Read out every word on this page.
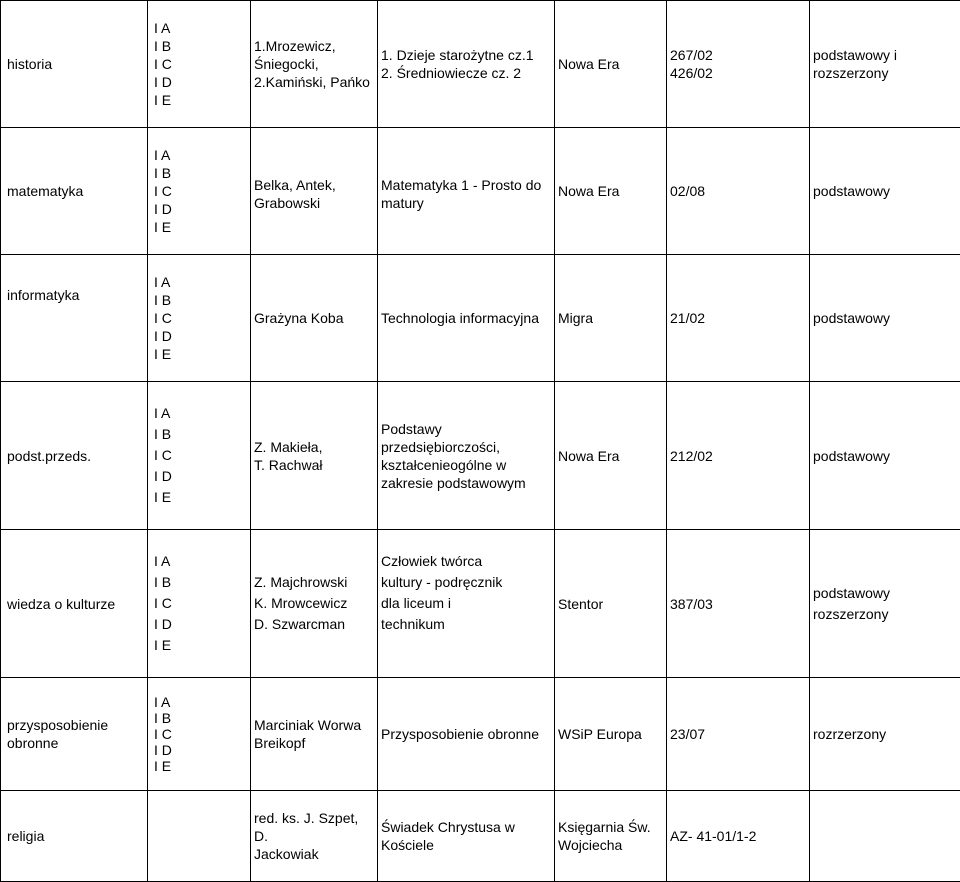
historia	I A
I B
I C
I D
I E	1.Mrozewicz,
Śniegocki,
2.Kamiński, Pańko	1. Dzieje starożytne cz.1
2. Średniowiecze cz. 2	Nowa Era	267/02
426/02	podstawowy i
rozszerzony

matematyka	I A
I B
I C
I D
I E	Belka, Antek,
Grabowski	Matematyka 1 - Prosto do
matury	Nowa Era	02/08	podstawowy

informatyka	I A
I B
I C
I D
I E	Grażyna Koba	Technologia informacyjna	Migra	21/02	podstawowy

podst.przeds.	I A
I B
I C
I D
I E	Z. Makieła,
T. Rachwał	Podstawy
przedsiębiorczości,
kształcenieogólne w
zakresie podstawowym	Nowa Era	212/02	podstawowy

wiedza o kulturze	I A
I B
I C
I D
I E	Z. Majchrowski
K. Mrowcewicz
D. Szwarcman	Człowiek twórca
kultury - podręcznik
dla liceum i
technikum	Stentor	387/03	podstawowy
rozszerzony

przysposobienie
obronne	I A
I B
I C
I D
I E	Marciniak Worwa
Breikopf	Przysposobienie obronne	WSiP Europa	23/07	rozrzerzony

religia		red. ks. J. Szpet, D.
Jackowiak	Świadek Chrystusa w
Kościele	Księgarnia Św.
Wojciecha	AZ- 41-01/1-2	
